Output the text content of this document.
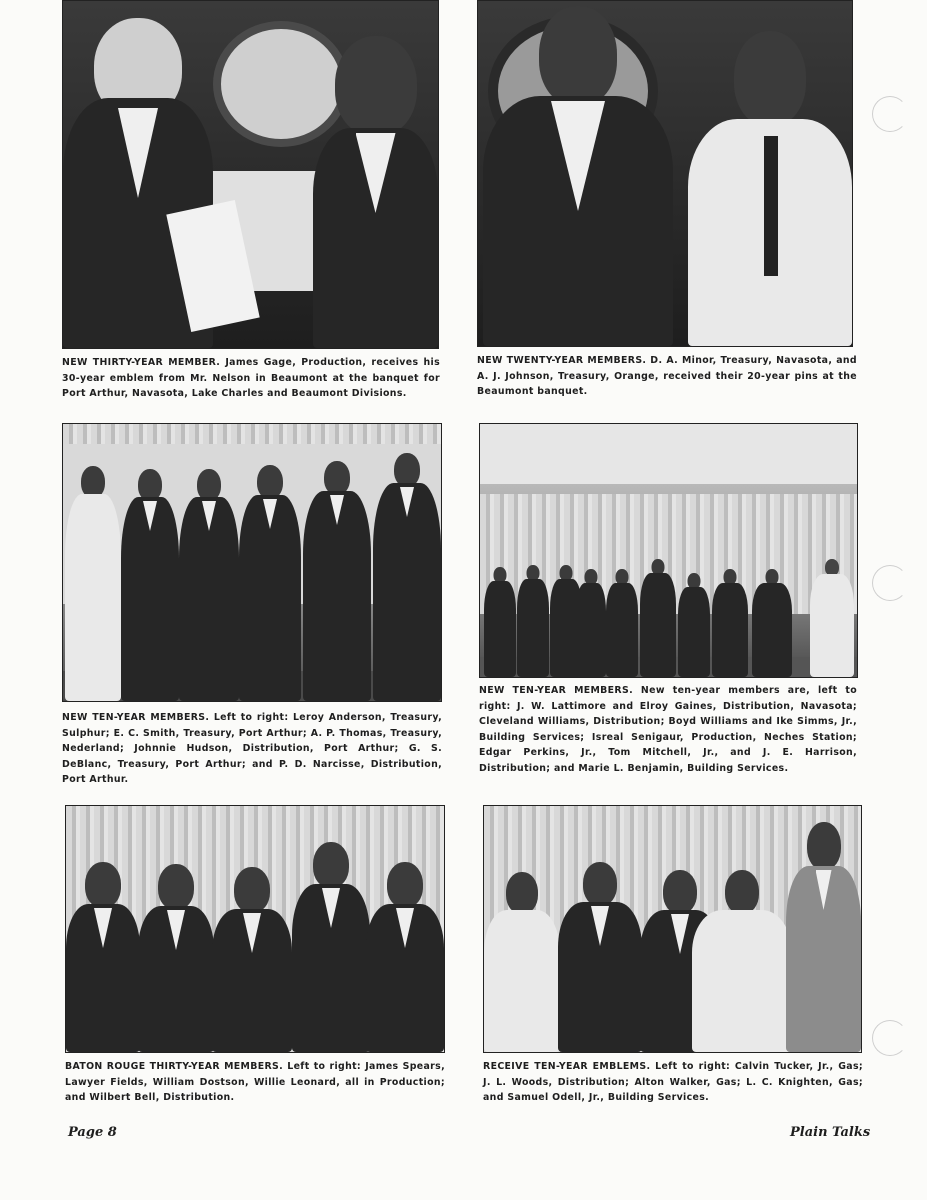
NEW THIRTY-YEAR MEMBER. James Gage, Production, receives his 30-year emblem from Mr. Nelson in Beaumont at the banquet for Port Arthur, Navasota, Lake Charles and Beaumont Divisions.

NEW TWENTY-YEAR MEMBERS. D. A. Minor, Treasury, Navasota, and A. J. Johnson, Treasury, Orange, received their 20-year pins at the Beaumont banquet.

NEW TEN-YEAR MEMBERS. Left to right: Leroy Anderson, Treasury, Sulphur; E. C. Smith, Treasury, Port Arthur; A. P. Thomas, Treasury, Nederland; Johnnie Hudson, Distribution, Port Arthur; G. S. DeBlanc, Treasury, Port Arthur; and P. D. Narcisse, Distribution, Port Arthur.

NEW TEN-YEAR MEMBERS. New ten-year members are, left to right: J. W. Lattimore and Elroy Gaines, Distribution, Navasota; Cleveland Williams, Distribution; Boyd Williams and Ike Simms, Jr., Building Services; Isreal Senigaur, Production, Neches Station; Edgar Perkins, Jr., Tom Mitchell, Jr., and J. E. Harrison, Distribution; and Marie L. Benjamin, Building Services.

BATON ROUGE THIRTY-YEAR MEMBERS. Left to right: James Spears, Lawyer Fields, William Dostson, Willie Leonard, all in Production; and Wilbert Bell, Distribution.

RECEIVE TEN-YEAR EMBLEMS. Left to right: Calvin Tucker, Jr., Gas; J. L. Woods, Distribution; Alton Walker, Gas; L. C. Knighten, Gas; and Samuel Odell, Jr., Building Services.

Page 8	Plain Talks
